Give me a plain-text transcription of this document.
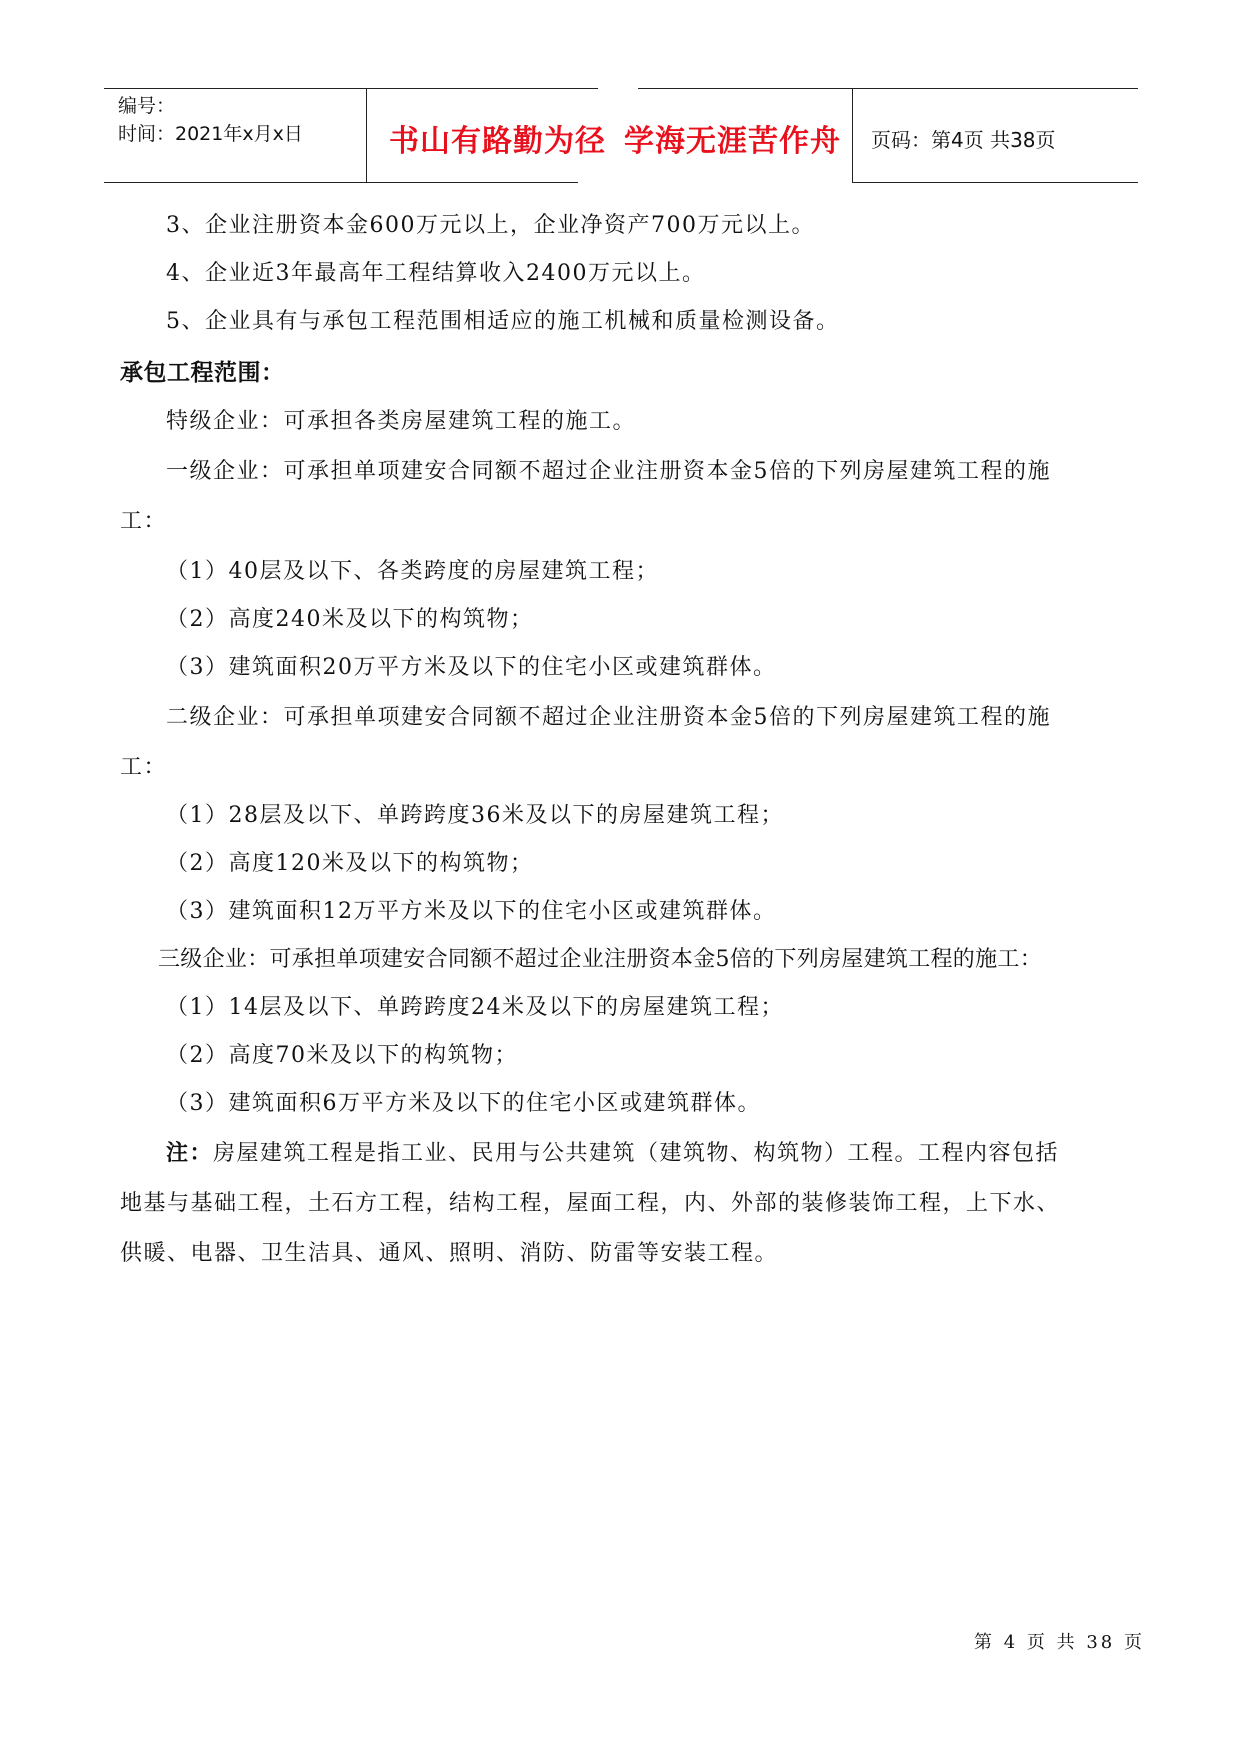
编号：
时间：2021年x月x日	书山有路勤为径 学海无涯苦作舟 页码：第4页 共38页
3、企业注册资本金600万元以上，企业净资产700万元以上。
4、企业近3年最高年工程结算收入2400万元以上。
5、企业具有与承包工程范围相适应的施工机械和质量检测设备。
承包工程范围：
特级企业：可承担各类房屋建筑工程的施工。
一级企业：可承担单项建安合同额不超过企业注册资本金5倍的下列房屋建筑工程的施
工：
（1）40层及以下、各类跨度的房屋建筑工程；
（2）高度240米及以下的构筑物；
（3）建筑面积20万平方米及以下的住宅小区或建筑群体。
二级企业：可承担单项建安合同额不超过企业注册资本金5倍的下列房屋建筑工程的施
工：
（1）28层及以下、单跨跨度36米及以下的房屋建筑工程；
（2）高度120米及以下的构筑物；
（3）建筑面积12万平方米及以下的住宅小区或建筑群体。
三级企业：可承担单项建安合同额不超过企业注册资本金5倍的下列房屋建筑工程的施工：
（1）14层及以下、单跨跨度24米及以下的房屋建筑工程；
（2）高度70米及以下的构筑物；
（3）建筑面积6万平方米及以下的住宅小区或建筑群体。
注：房屋建筑工程是指工业、民用与公共建筑（建筑物、构筑物）工程。工程内容包括
地基与基础工程，土石方工程，结构工程，屋面工程，内、外部的装修装饰工程，上下水、
供暖、电器、卫生洁具、通风、照明、消防、防雷等安装工程。
第 4 页 共 38 页
